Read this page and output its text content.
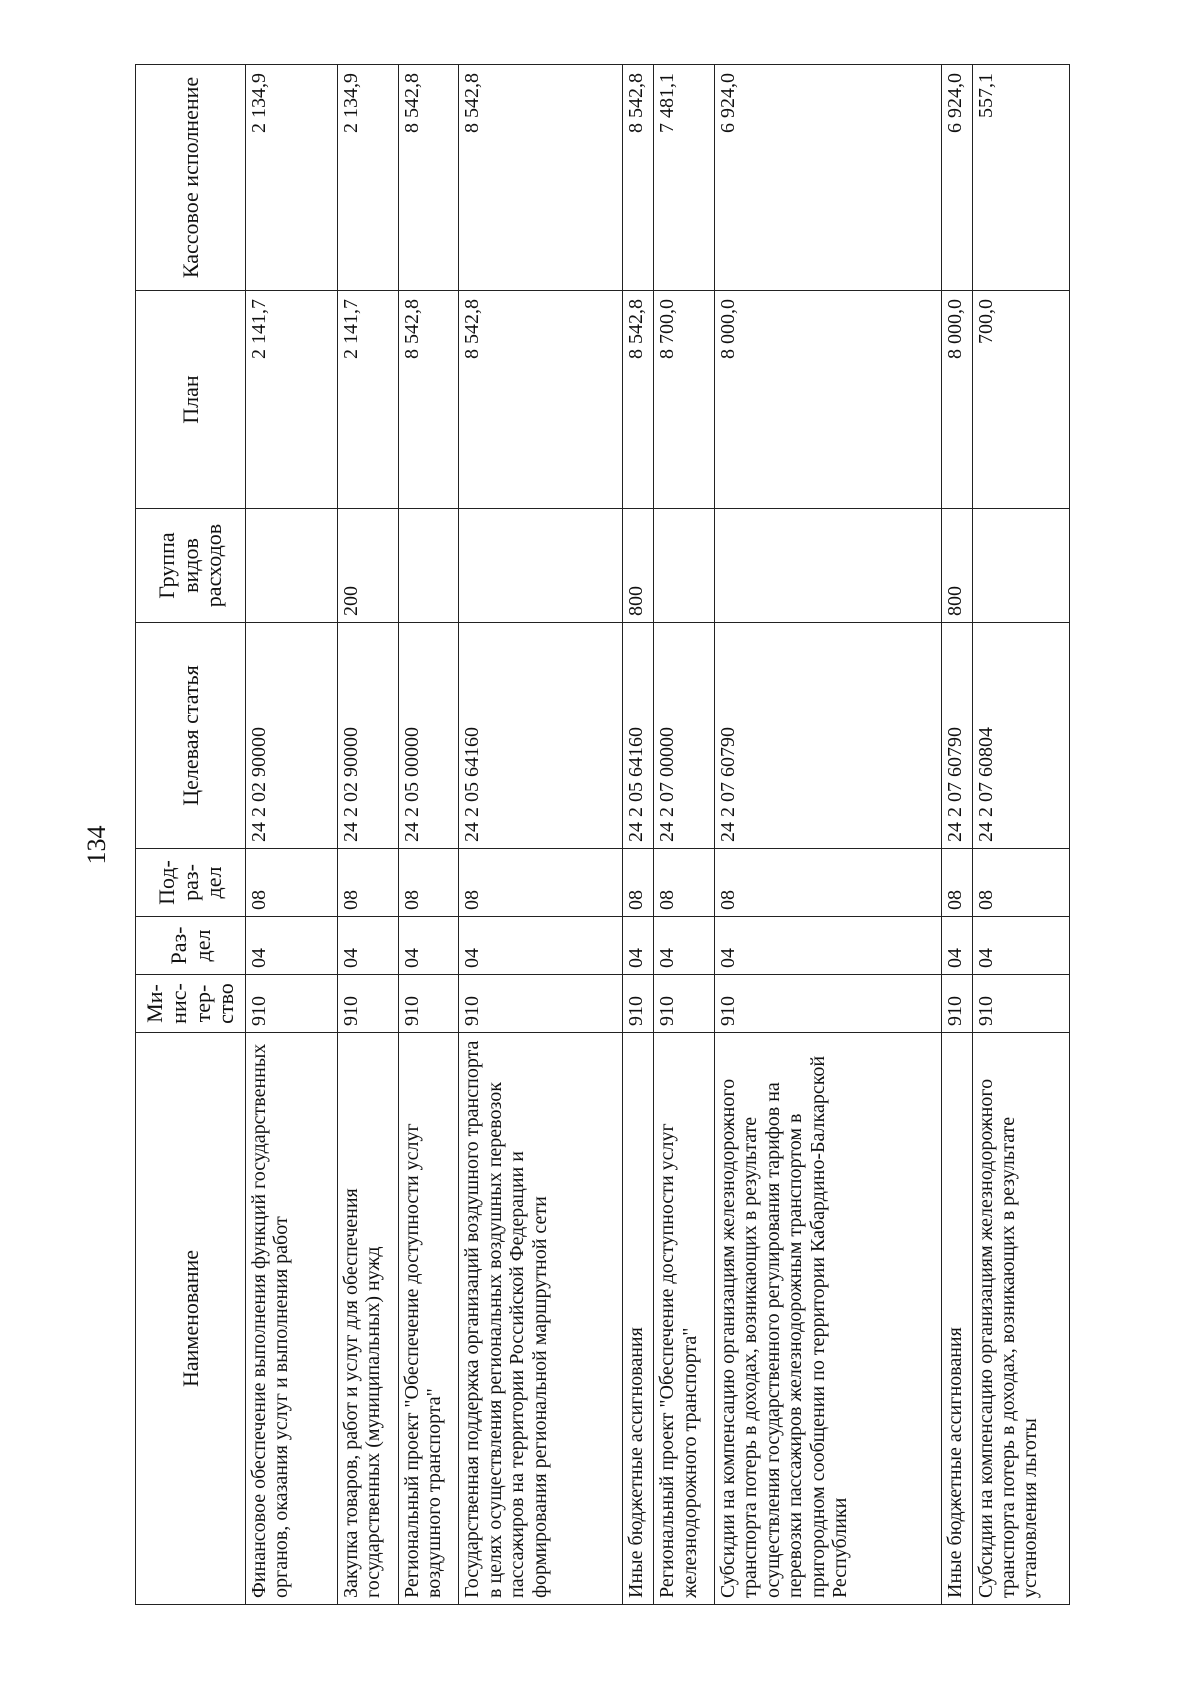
134
Наименование	Ми-нис-тер-ство	Раз-дел	Под-раз-дел	Целевая статья	Группа видов расходов	План	Кассовое исполнение
Финансовое обеспечение выполнения функций государственных органов, оказания услуг и выполнения работ	910	04	08	24 2 02 90000		2 141,7	2 134,9
Закупка товаров, работ и услуг для обеспечения государственных (муниципальных) нужд	910	04	08	24 2 02 90000	200	2 141,7	2 134,9
Региональный проект "Обеспечение доступности услуг воздушного транспорта"	910	04	08	24 2 05 00000		8 542,8	8 542,8
Государственная поддержка организаций воздушного транспорта в целях осуществления региональных воздушных перевозок пассажиров на территории Российской Федерации и формирования региональной маршрутной сети	910	04	08	24 2 05 64160		8 542,8	8 542,8
Иные бюджетные ассигнования	910	04	08	24 2 05 64160	800	8 542,8	8 542,8
Региональный проект "Обеспечение доступности услуг железнодорожного транспорта"	910	04	08	24 2 07 00000		8 700,0	7 481,1
Субсидии на компенсацию организациям железнодорожного транспорта потерь в доходах, возникающих в результате осуществления государственного регулирования тарифов на перевозки пассажиров железнодорожным транспортом в пригородном сообщении по территории Кабардино-Балкарской Республики	910	04	08	24 2 07 60790		8 000,0	6 924,0
Иные бюджетные ассигнования	910	04	08	24 2 07 60790	800	8 000,0	6 924,0
Субсидии на компенсацию организациям железнодорожного транспорта потерь в доходах, возникающих в результате установления льготы	910	04	08	24 2 07 60804		700,0	557,1
